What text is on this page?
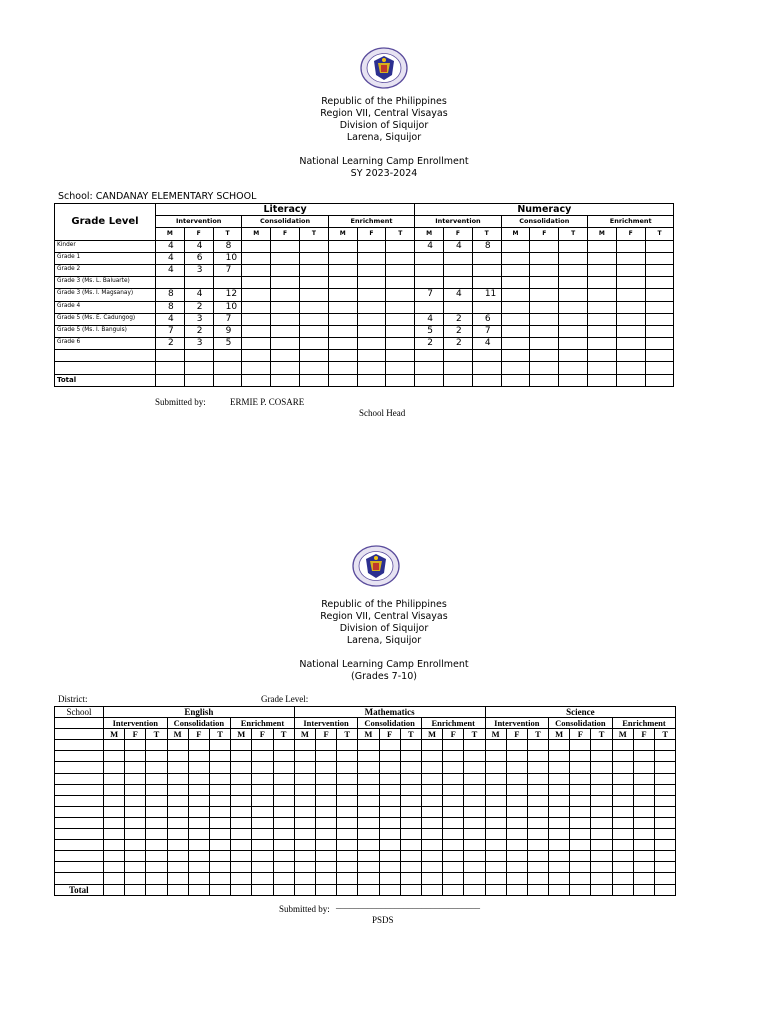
Republic of the Philippines
Region VII, Central Visayas
Division of Siquijor
Larena, Siquijor
National Learning Camp Enrollment
SY 2023-2024
School: CANDANAY ELEMENTARY SCHOOL
Grade Level	Literacy									Numeracy								
	Intervention			Consolidation			Enrichment			Intervention			Consolidation			Enrichment		
	M	F	T	M	F	T	M	F	T	M	F	T	M	F	T	M	F	T
Kinder	4	4	8							4	4	8						
Grade 1	4	6	10															
Grade 2	4	3	7															
Grade 3 (Ms. L. Baluarte)																		
Grade 3 (Ms. I. Magsanay)	8	4	12							7	4	11						
Grade 4	8	2	10															
Grade 5 (Ms. E. Cadungog)	4	3	7							4	2	6						
Grade 5 (Ms. I. Banguis)	7	2	9							5	2	7						
Grade 6	2	3	5							2	2	4						

Total																		
Submitted by:	ERMIE P. COSARE
School Head
Republic of the Philippines
Region VII, Central Visayas
Division of Siquijor
Larena, Siquijor
National Learning Camp Enrollment
(Grades 7-10)
District:	Grade Level:
School	English									Mathematics									Science								
	Intervention			Consolidation			Enrichment			Intervention			Consolidation			Enrichment			Intervention			Consolidation			Enrichment		
	M	F	T	M	F	T	M	F	T	M	F	T	M	F	T	M	F	T	M	F	T	M	F	T	M	F	T

Total																											
Submitted by: ________________________________
PSDS
